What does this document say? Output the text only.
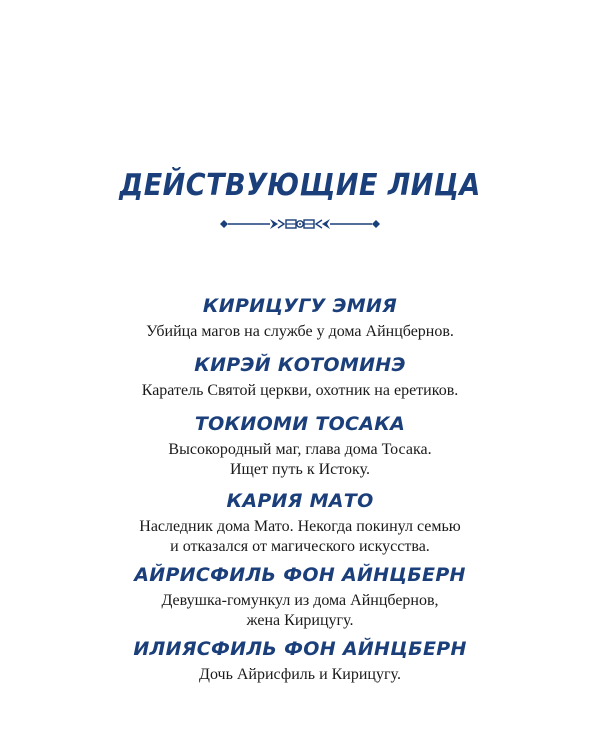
ДЕЙСТВУЮЩИЕ ЛИЦА
КИРИЦУГУ ЭМИЯ
Убийца магов на службе у дома Айнцбернов.
КИРЭЙ КОТОМИНЭ
Каратель Святой церкви, охотник на еретиков.
ТОКИОМИ ТОСАКА
Высокородный маг, глава дома Тосака.
Ищет путь к Истоку.
КАРИЯ МАТО
Наследник дома Мато. Некогда покинул семью
и отказался от магического искусства.
АЙРИСФИЛЬ ФОН АЙНЦБЕРН
Девушка-гомункул из дома Айнцбернов,
жена Кирицугу.
ИЛИЯСФИЛЬ ФОН АЙНЦБЕРН
Дочь Айрисфиль и Кирицугу.
